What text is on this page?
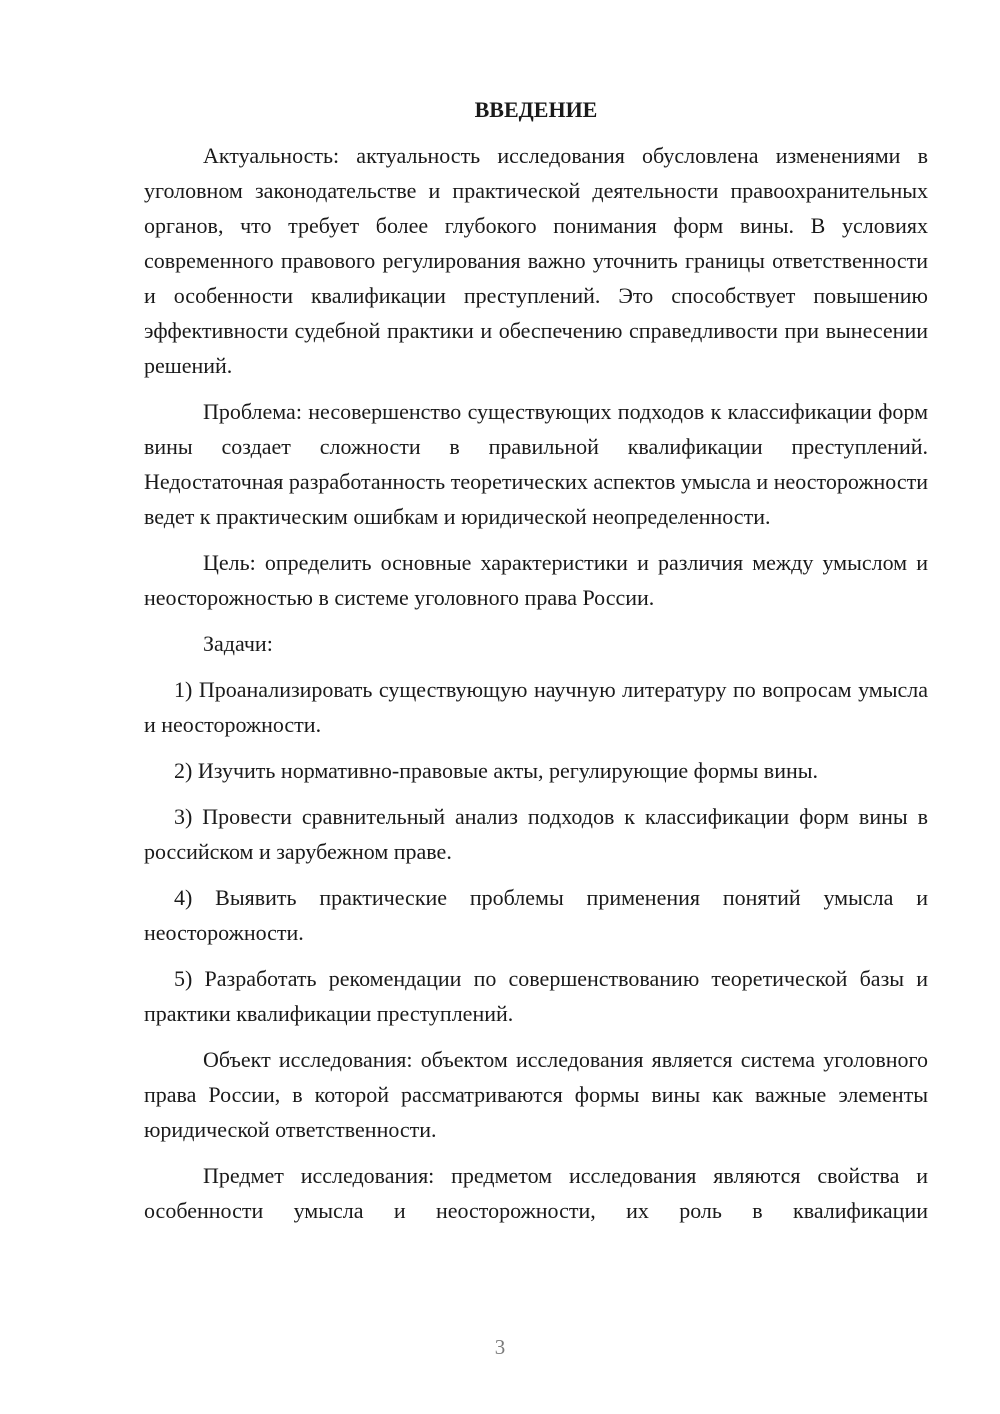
ВВЕДЕНИЕ

Актуальность: актуальность исследования обусловлена изменениями в уголовном законодательстве и практической деятельности правоохранительных органов, что требует более глубокого понимания форм вины. В условиях современного правового регулирования важно уточнить границы ответственности и особенности квалификации преступлений. Это способствует повышению эффективности судебной практики и обеспечению справедливости при вынесении решений.

Проблема: несовершенство существующих подходов к классификации форм вины создает сложности в правильной квалификации преступлений. Недостаточная разработанность теоретических аспектов умысла и неосторожности ведет к практическим ошибкам и юридической неопределенности.

Цель: определить основные характеристики и различия между умыслом и неосторожностью в системе уголовного права России.

Задачи:

1) Проанализировать существующую научную литературу по вопросам умысла и неосторожности.

2) Изучить нормативно-правовые акты, регулирующие формы вины.

3) Провести сравнительный анализ подходов к классификации форм вины в российском и зарубежном праве.

4) Выявить практические проблемы применения понятий умысла и неосторожности.

5) Разработать рекомендации по совершенствованию теоретической базы и практики квалификации преступлений.

Объект исследования: объектом исследования является система уголовного права России, в которой рассматриваются формы вины как важные элементы юридической ответственности.

Предмет исследования: предметом исследования являются свойства и особенности умысла и неосторожности, их роль в квалификации

3
